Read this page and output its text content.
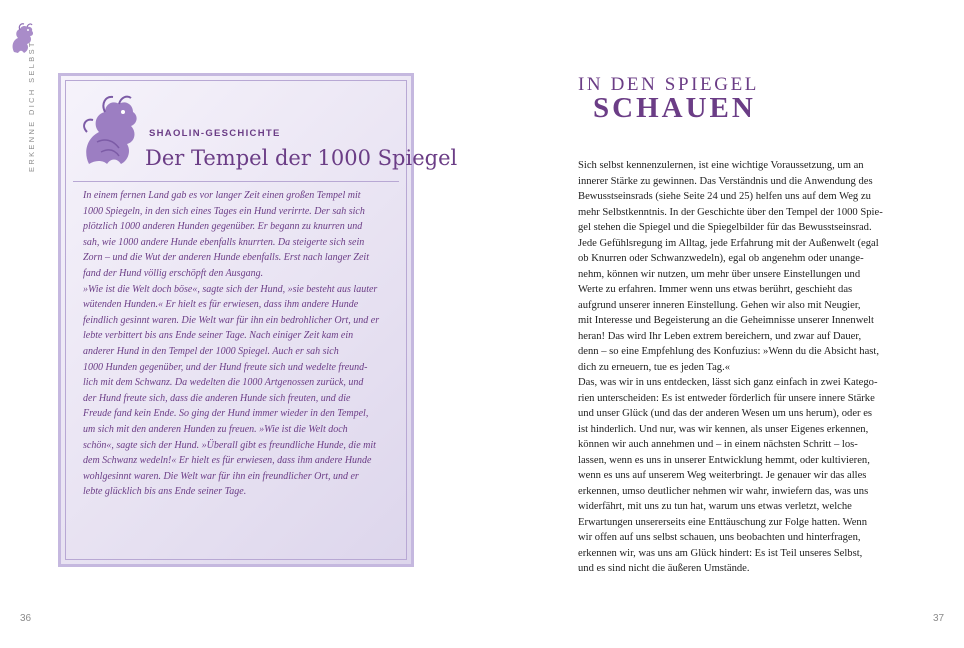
ERKENNE DICH SELBST	SHAOLIN-GESCHICHTE
Der Tempel der 1000 Spiegel

In einem fernen Land gab es vor langer Zeit einen großen Tempel mit
1000 Spiegeln, in den sich eines Tages ein Hund verirrte. Der sah sich
plötzlich 1000 anderen Hunden gegenüber. Er begann zu knurren und
sah, wie 1000 andere Hunde ebenfalls knurrten. Da steigerte sich sein
Zorn – und die Wut der anderen Hunde ebenfalls. Erst nach langer Zeit
fand der Hund völlig erschöpft den Ausgang.
»Wie ist die Welt doch böse«, sagte sich der Hund, »sie besteht aus lauter
wütenden Hunden.« Er hielt es für erwiesen, dass ihm andere Hunde
feindlich gesinnt waren. Die Welt war für ihn ein bedrohlicher Ort, und er
lebte verbittert bis ans Ende seiner Tage. Nach einiger Zeit kam ein
anderer Hund in den Tempel der 1000 Spiegel. Auch er sah sich
1000 Hunden gegenüber, und der Hund freute sich und wedelte freund-
lich mit dem Schwanz. Da wedelten die 1000 Artgenossen zurück, und
der Hund freute sich, dass die anderen Hunde sich freuten, und die
Freude fand kein Ende. So ging der Hund immer wieder in den Tempel,
um sich mit den anderen Hunden zu freuen. »Wie ist die Welt doch
schön«, sagte sich der Hund. »Überall gibt es freundliche Hunde, die mit
dem Schwanz wedeln!« Er hielt es für erwiesen, dass ihm andere Hunde
wohlgesinnt waren. Die Welt war für ihn ein freundlicher Ort, und er
lebte glücklich bis ans Ende seiner Tage.

36
IN DEN SPIEGEL
SCHAUEN

Sich selbst kennenzulernen, ist eine wichtige Voraussetzung, um an
innerer Stärke zu gewinnen. Das Verständnis und die Anwendung des
Bewusstseinsrads (siehe Seite 24 und 25) helfen uns auf dem Weg zu
mehr Selbstkenntnis. In der Geschichte über den Tempel der 1000 Spie-
gel stehen die Spiegel und die Spiegelbilder für das Bewusstseinsrad.
Jede Gefühlsregung im Alltag, jede Erfahrung mit der Außenwelt (egal
ob Knurren oder Schwanzwedeln), egal ob angenehm oder unange-
nehm, können wir nutzen, um mehr über unsere Einstellungen und
Werte zu erfahren. Immer wenn uns etwas berührt, geschieht das
aufgrund unserer inneren Einstellung. Gehen wir also mit Neugier,
mit Interesse und Begeisterung an die Geheimnisse unserer Innenwelt
heran! Das wird Ihr Leben extrem bereichern, und zwar auf Dauer,
denn – so eine Empfehlung des Konfuzius: »Wenn du die Absicht hast,
dich zu erneuern, tue es jeden Tag.«
Das, was wir in uns entdecken, lässt sich ganz einfach in zwei Katego-
rien unterscheiden: Es ist entweder förderlich für unsere innere Stärke
und unser Glück (und das der anderen Wesen um uns herum), oder es
ist hinderlich. Und nur, was wir kennen, als unser Eigenes erkennen,
können wir auch annehmen und – in einem nächsten Schritt – los-
lassen, wenn es uns in unserer Entwicklung hemmt, oder kultivieren,
wenn es uns auf unserem Weg weiterbringt. Je genauer wir das alles
erkennen, umso deutlicher nehmen wir wahr, inwiefern das, was uns
widerfährt, mit uns zu tun hat, warum uns etwas verletzt, welche
Erwartungen unsererseits eine Enttäuschung zur Folge hatten. Wenn
wir offen auf uns selbst schauen, uns beobachten und hinterfragen,
erkennen wir, was uns am Glück hindert: Es ist Teil unseres Selbst,
und es sind nicht die äußeren Umstände.

37
